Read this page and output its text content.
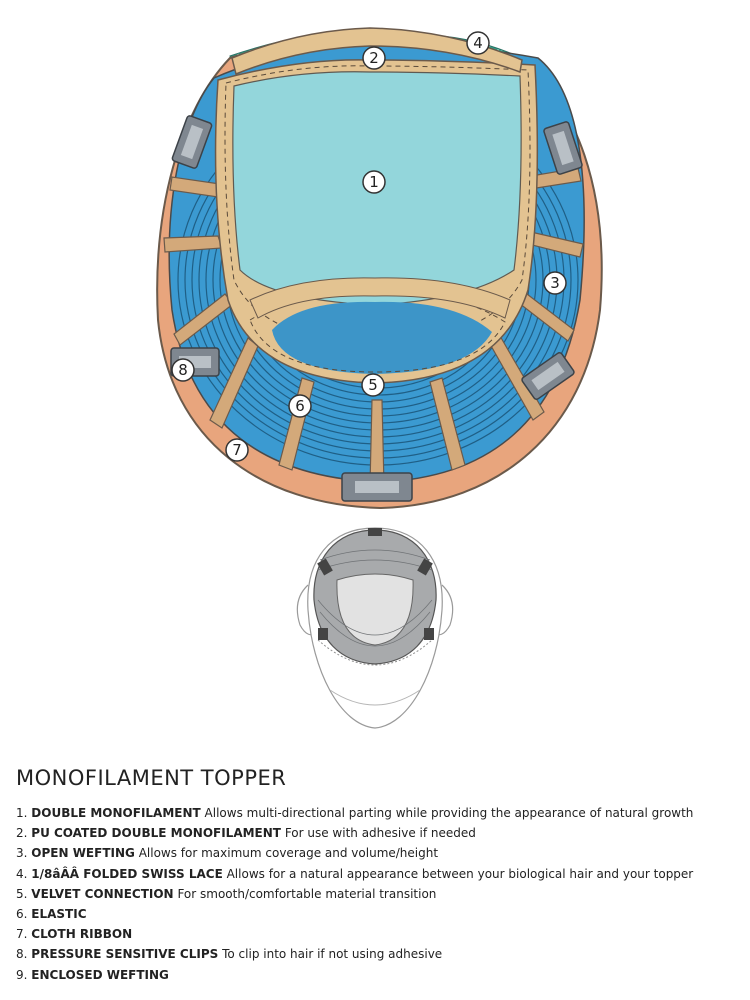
1
2
3
4
5
6
7
8
MONOFILAMENT TOPPER
1. DOUBLE MONOFILAMENT Allows multi-directional parting while providing the appearance of natural growth
2. PU COATED DOUBLE MONOFILAMENT For use with adhesive if needed
3. OPEN WEFTING Allows for maximum coverage and volume/height
4. 1/8âÂÂ FOLDED SWISS LACE Allows for a natural appearance between your biological hair and your topper
5. VELVET CONNECTION For smooth/comfortable material transition
6. ELASTIC
7. CLOTH RIBBON
8. PRESSURE SENSITIVE CLIPS To clip into hair if not using adhesive
9. ENCLOSED WEFTING
